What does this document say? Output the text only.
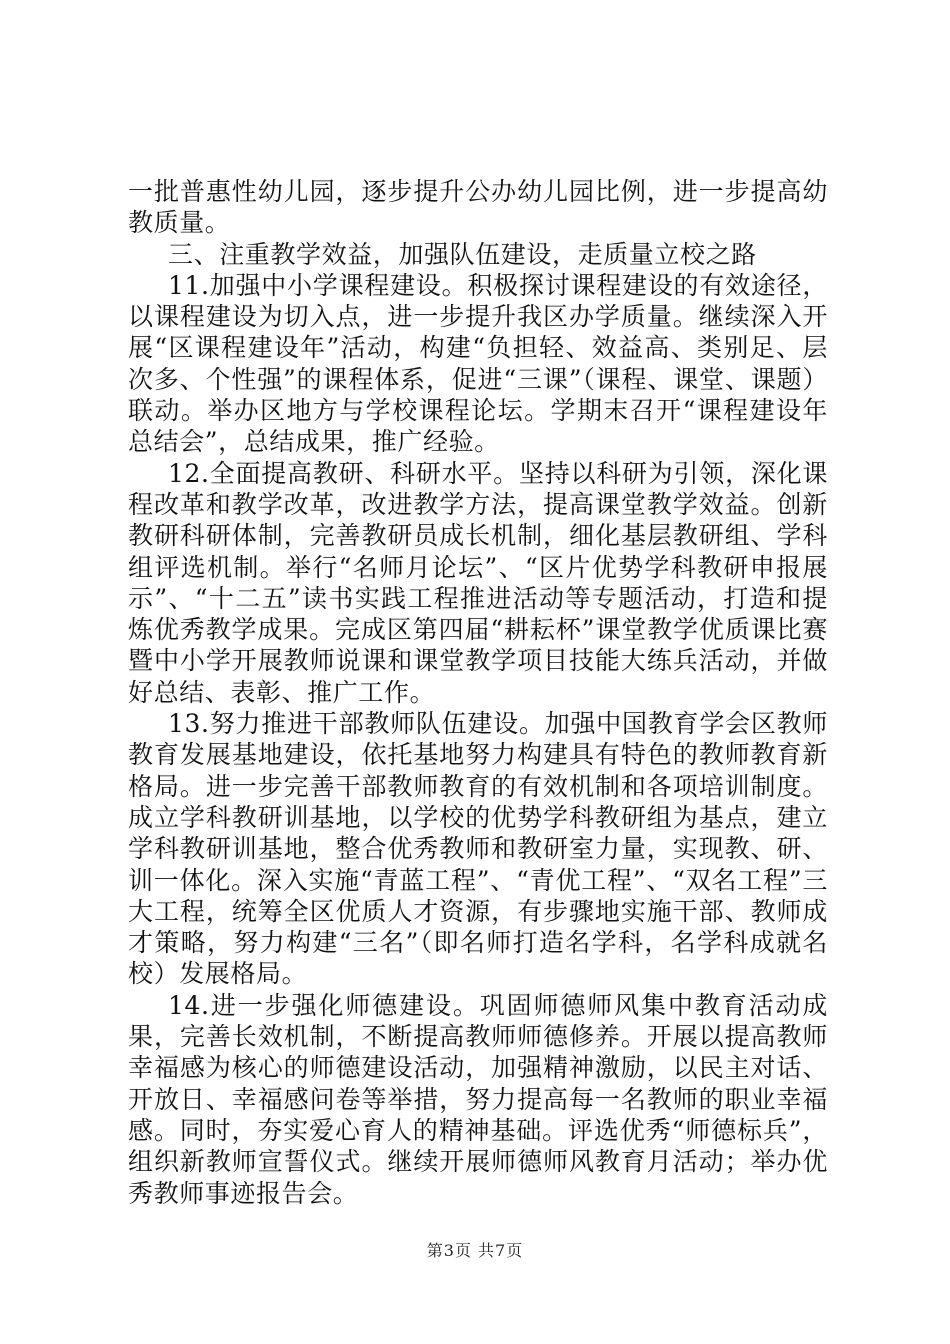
一批普惠性幼儿园，逐步提升公办幼儿园比例，进一步提高幼教质量。

三、注重教学效益，加强队伍建设，走质量立校之路

11.加强中小学课程建设。积极探讨课程建设的有效途径，以课程建设为切入点，进一步提升我区办学质量。继续深入开展“区课程建设年”活动，构建“负担轻、效益高、类别足、层次多、个性强”的课程体系，促进“三课”（课程、课堂、课题）联动。举办区地方与学校课程论坛。学期末召开“课程建设年总结会”，总结成果，推广经验。

12.全面提高教研、科研水平。坚持以科研为引领，深化课程改革和教学改革，改进教学方法，提高课堂教学效益。创新教研科研体制，完善教研员成长机制，细化基层教研组、学科组评选机制。举行“名师月论坛”、“区片优势学科教研申报展示”、“十二五”读书实践工程推进活动等专题活动，打造和提炼优秀教学成果。完成区第四届“耕耘杯”课堂教学优质课比赛暨中小学开展教师说课和课堂教学项目技能大练兵活动，并做好总结、表彰、推广工作。

13.努力推进干部教师队伍建设。加强中国教育学会区教师教育发展基地建设，依托基地努力构建具有特色的教师教育新格局。进一步完善干部教师教育的有效机制和各项培训制度。成立学科教研训基地，以学校的优势学科教研组为基点，建立学科教研训基地，整合优秀教师和教研室力量，实现教、研、训一体化。深入实施“青蓝工程”、“青优工程”、“双名工程”三大工程，统筹全区优质人才资源，有步骤地实施干部、教师成才策略，努力构建“三名”（即名师打造名学科，名学科成就名校）发展格局。

14.进一步强化师德建设。巩固师德师风集中教育活动成果，完善长效机制，不断提高教师师德修养。开展以提高教师幸福感为核心的师德建设活动，加强精神激励，以民主对话、开放日、幸福感问卷等举措，努力提高每一名教师的职业幸福感。同时，夯实爱心育人的精神基础。评选优秀“师德标兵”，组织新教师宣誓仪式。继续开展师德师风教育月活动；举办优秀教师事迹报告会。

第3页 共7页
